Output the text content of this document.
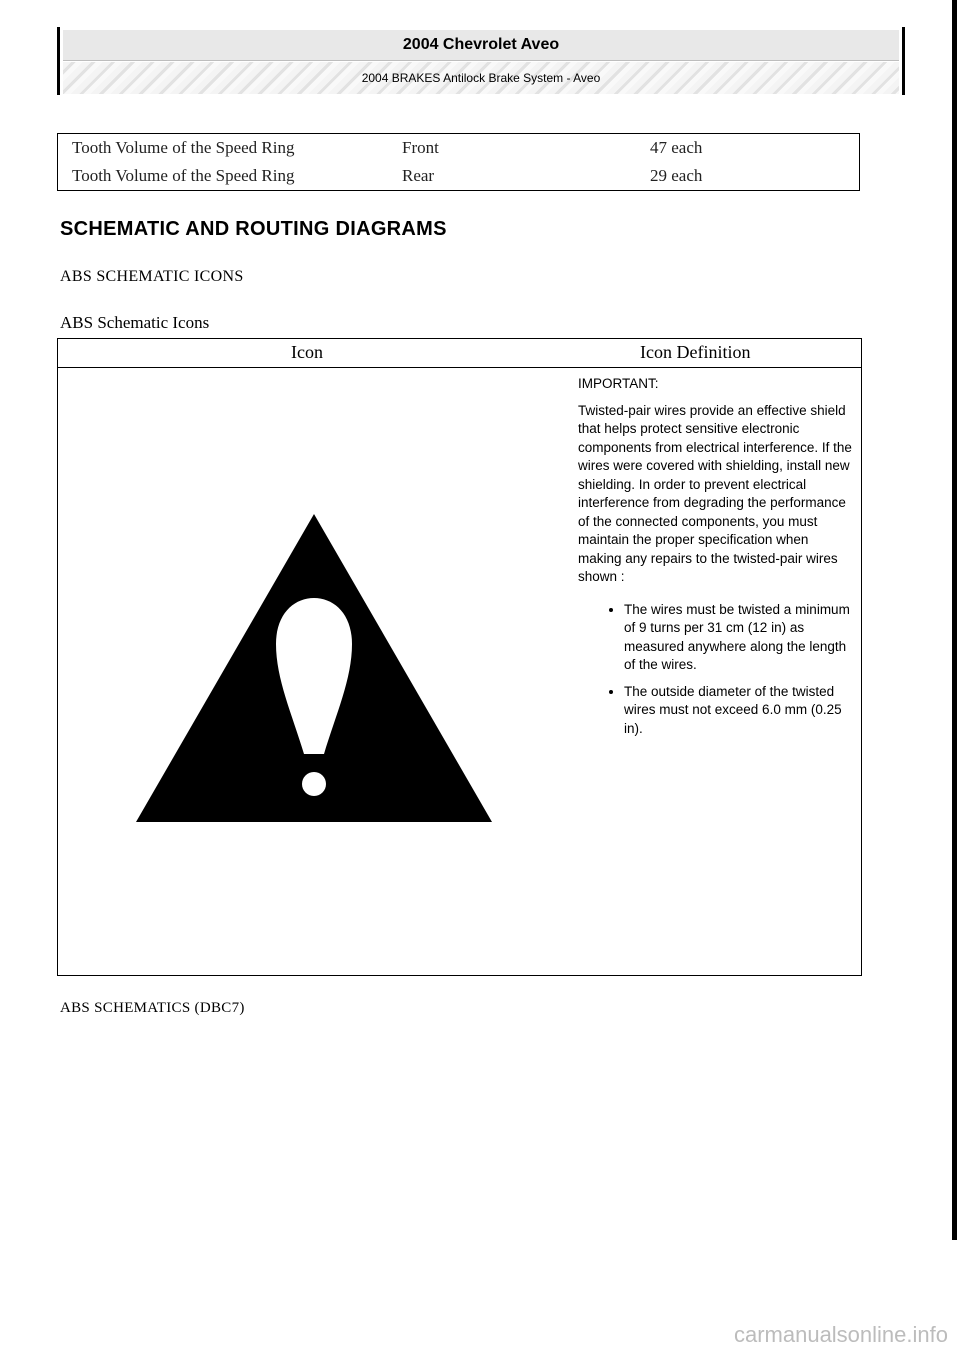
2004 Chevrolet Aveo
2004 BRAKES Antilock Brake System - Aveo
Tooth Volume of the Speed Ring	Front	47 each
Tooth Volume of the Speed Ring	Rear	29 each
SCHEMATIC AND ROUTING DIAGRAMS
ABS SCHEMATIC ICONS
ABS Schematic Icons
Icon	Icon Definition

IMPORTANT:

Twisted-pair wires provide an effective shield that helps protect sensitive electronic components from electrical interference. If the wires were covered with shielding, install new shielding. In order to prevent electrical interference from degrading the performance of the connected components, you must maintain the proper specification when making any repairs to the twisted-pair wires shown :

• The wires must be twisted a minimum of 9 turns per 31 cm (12 in) as measured anywhere along the length of the wires.
• The outside diameter of the twisted wires must not exceed 6.0 mm (0.25 in).
ABS SCHEMATICS (DBC7)
carmanualsonline.info
